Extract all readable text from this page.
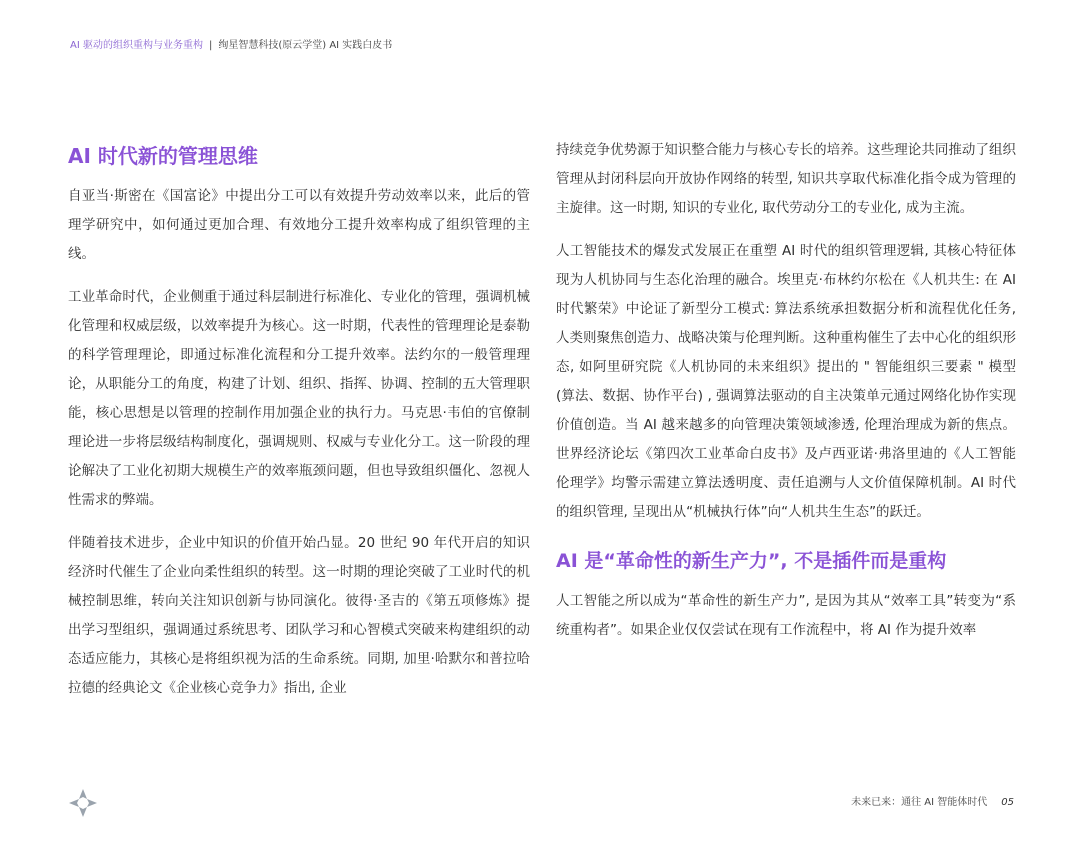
AI 驱动的组织重构与业务重构 | 绚星智慧科技(原云学堂) AI 实践白皮书
AI 时代新的管理思维

自亚当·斯密在《国富论》中提出分工可以有效提升劳动效率以来，此后的管理学研究中，如何通过更加合理、有效地分工提升效率构成了组织管理的主线。

工业革命时代，企业侧重于通过科层制进行标准化、专业化的管理，强调机械化管理和权威层级，以效率提升为核心。这一时期，代表性的管理理论是泰勒的科学管理理论，即通过标准化流程和分工提升效率。法约尔的一般管理理论，从职能分工的角度，构建了计划、组织、指挥、协调、控制的五大管理职能，核心思想是以管理的控制作用加强企业的执行力。马克思·韦伯的官僚制理论进一步将层级结构制度化，强调规则、权威与专业化分工。这一阶段的理论解决了工业化初期大规模生产的效率瓶颈问题，但也导致组织僵化、忽视人性需求的弊端。

伴随着技术进步，企业中知识的价值开始凸显。20 世纪 90 年代开启的知识经济时代催生了企业向柔性组织的转型。这一时期的理论突破了工业时代的机械控制思维，转向关注知识创新与协同演化。彼得·圣吉的《第五项修炼》提出学习型组织，强调通过系统思考、团队学习和心智模式突破来构建组织的动态适应能力，其核心是将组织视为活的生命系统。同期, 加里·哈默尔和普拉哈拉德的经典论文《企业核心竞争力》指出, 企业

持续竞争优势源于知识整合能力与核心专长的培养。这些理论共同推动了组织管理从封闭科层向开放协作网络的转型, 知识共享取代标准化指令成为管理的主旋律。这一时期, 知识的专业化, 取代劳动分工的专业化, 成为主流。

人工智能技术的爆发式发展正在重塑 AI 时代的组织管理逻辑, 其核心特征体现为人机协同与生态化治理的融合。埃里克·布林约尔松在《人机共生: 在 AI 时代繁荣》中论证了新型分工模式: 算法系统承担数据分析和流程优化任务, 人类则聚焦创造力、战略决策与伦理判断。这种重构催生了去中心化的组织形态, 如阿里研究院《人机协同的未来组织》提出的 " 智能组织三要素 " 模型 (算法、数据、协作平台) , 强调算法驱动的自主决策单元通过网络化协作实现价值创造。当 AI 越来越多的向管理决策领域渗透, 伦理治理成为新的焦点。世界经济论坛《第四次工业革命白皮书》及卢西亚诺·弗洛里迪的《人工智能伦理学》均警示需建立算法透明度、责任追溯与人文价值保障机制。AI 时代的组织管理, 呈现出从“机械执行体”向“人机共生生态”的跃迁。

AI 是“革命性的新生产力”, 不是插件而是重构

人工智能之所以成为“革命性的新生产力”, 是因为其从“效率工具”转变为“系统重构者”。如果企业仅仅尝试在现有工作流程中，将 AI 作为提升效率

未来已来：通往 AI 智能体时代 05
